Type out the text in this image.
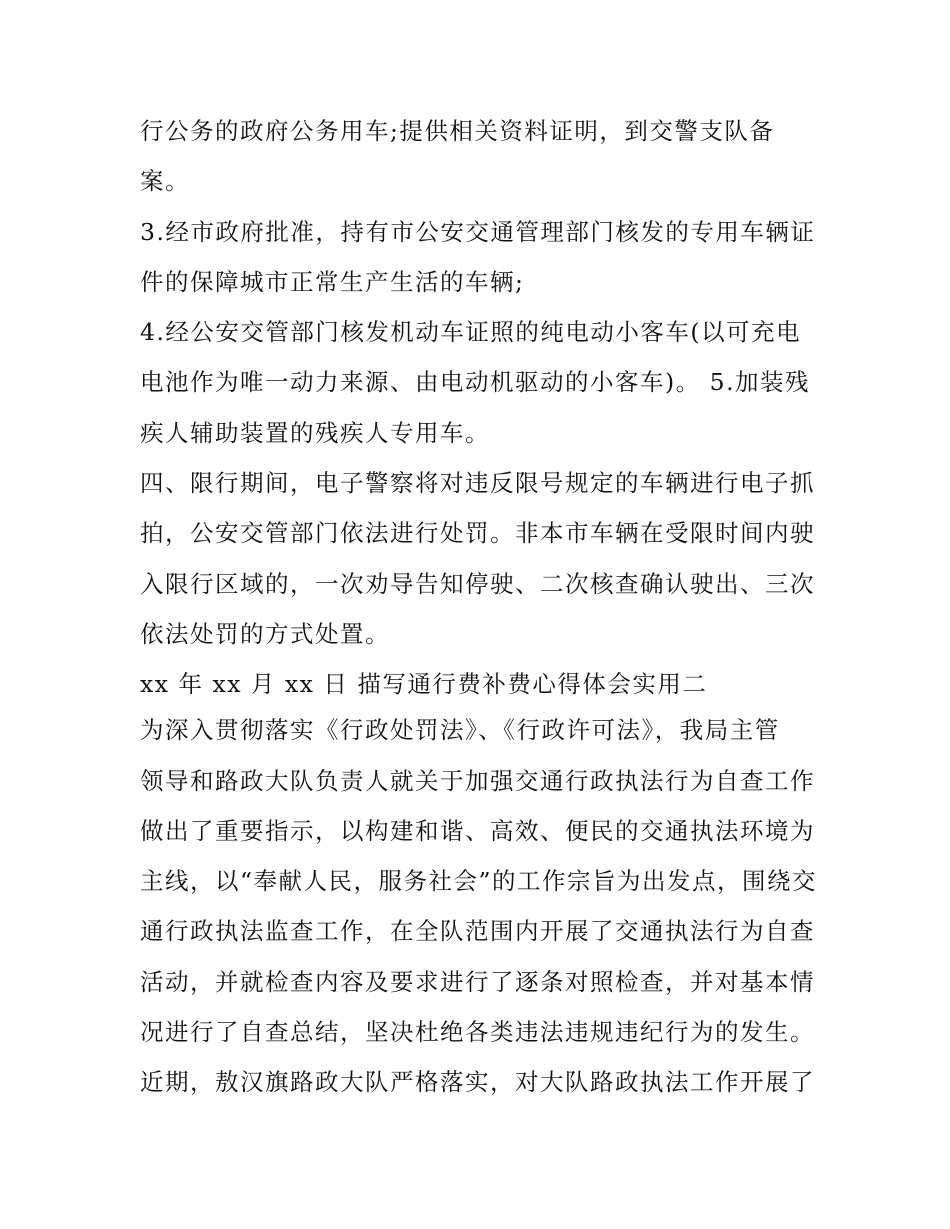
行公务的政府公务用车;提供相关资料证明，到交警支队备
案。
3.经市政府批准，持有市公安交通管理部门核发的专用车辆证
件的保障城市正常生产生活的车辆;
4.经公安交管部门核发机动车证照的纯电动小客车(以可充电
电池作为唯一动力来源、由电动机驱动的小客车)。 5.加装残
疾人辅助装置的残疾人专用车。
四、限行期间，电子警察将对违反限号规定的车辆进行电子抓
拍，公安交管部门依法进行处罚。非本市车辆在受限时间内驶
入限行区域的，一次劝导告知停驶、二次核查确认驶出、三次
依法处罚的方式处置。
xx 年 xx 月 xx 日 描写通行费补费心得体会实用二
为深入贯彻落实《行政处罚法》、《行政许可法》，我局主管
领导和路政大队负责人就关于加强交通行政执法行为自查工作
做出了重要指示，以构建和谐、高效、便民的交通执法环境为
主线，以“奉献人民，服务社会”的工作宗旨为出发点，围绕交
通行政执法监查工作，在全队范围内开展了交通执法行为自查
活动，并就检查内容及要求进行了逐条对照检查，并对基本情
况进行了自查总结，坚决杜绝各类违法违规违纪行为的发生。
近期，敖汉旗路政大队严格落实，对大队路政执法工作开展了
